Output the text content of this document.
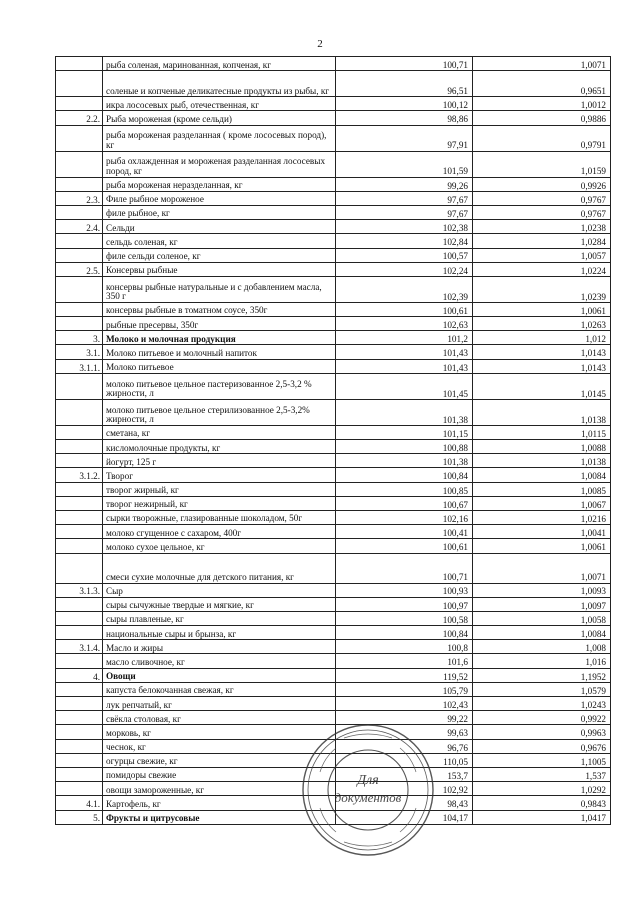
2
	рыба соленая, маринованная, копченая, кг	100,71	1,0071
	соленые и копченые деликатесные продукты из рыбы, кг	96,51	0,9651
	икра лососевых рыб, отечественная, кг	100,12	1,0012
2.2.	Рыба мороженая (кроме сельди)	98,86	0,9886
	рыба мороженая разделанная ( кроме лососевых пород), кг	97,91	0,9791
	рыба охлажденная и мороженая разделанная лососевых пород, кг	101,59	1,0159
	рыба мороженая неразделанная, кг	99,26	0,9926
2.3.	Филе рыбное мороженое	97,67	0,9767
	филе рыбное, кг	97,67	0,9767
2.4.	Сельди	102,38	1,0238
	сельдь соленая, кг	102,84	1,0284
	филе сельди соленое, кг	100,57	1,0057
2.5.	Консервы рыбные	102,24	1,0224
	консервы рыбные натуральные и с добавлением масла, 350 г	102,39	1,0239
	консервы рыбные в томатном соусе, 350г	100,61	1,0061
	рыбные пресервы, 350г	102,63	1,0263
3.	Молоко и молочная продукция	101,2	1,012
3.1.	Молоко питьевое и молочный напиток	101,43	1,0143
3.1.1.	Молоко питьевое	101,43	1,0143
	молоко питьевое цельное пастеризованное 2,5-3,2 % жирности, л	101,45	1,0145
	молоко питьевое цельное стерилизованное 2,5-3,2% жирности, л	101,38	1,0138
	сметана, кг	101,15	1,0115
	кисломолочные продукты, кг	100,88	1,0088
	йогурт, 125 г	101,38	1,0138
3.1.2.	Творог	100,84	1,0084
	творог жирный, кг	100,85	1,0085
	творог нежирный, кг	100,67	1,0067
	сырки творожные, глазированные шоколадом, 50г	102,16	1,0216
	молоко сгущенное с сахаром, 400г	100,41	1,0041
	молоко сухое цельное, кг	100,61	1,0061
	смеси сухие молочные для детского питания, кг	100,71	1,0071
3.1.3.	Сыр	100,93	1,0093
	сыры сычужные твердые и мягкие, кг	100,97	1,0097
	сыры плавленые, кг	100,58	1,0058
	национальные сыры и брынза, кг	100,84	1,0084
3.1.4.	Масло и жиры	100,8	1,008
	масло сливочное, кг	101,6	1,016
4.	Овощи	119,52	1,1952
	капуста белокочанная свежая, кг	105,79	1,0579
	лук репчатый, кг	102,43	1,0243
	свёкла столовая, кг	99,22	0,9922
	морковь, кг	99,63	0,9963
	чеснок, кг	96,76	0,9676
	огурцы свежие, кг	110,05	1,1005
	помидоры свежие	153,7	1,537
	овощи замороженные, кг	102,92	1,0292
4.1.	Картофель, кг	98,43	0,9843
5.	Фрукты и цитрусовые	104,17	1,0417
Для
документов
